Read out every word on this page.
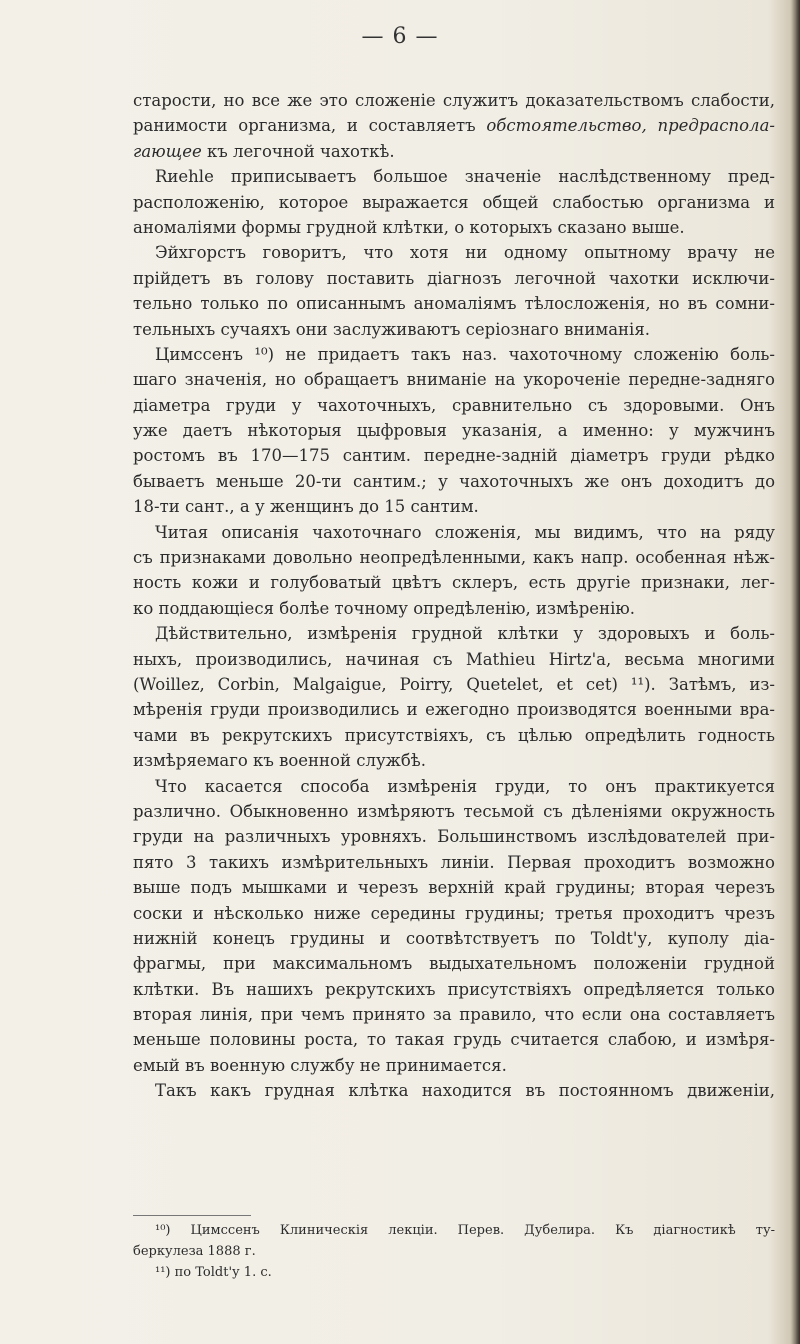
— 6 —
старости, но все же это сложеніе служитъ доказательствомъ слабости,
ранимости организма, и составляетъ обстоятельство, предраспола-
гающее къ легочной чахоткѣ.
Rиеhlе приписываетъ большое значеніе наслѣдственному пред-
расположенію, которое выражается общей слабостью организма и
аномаліями формы грудной клѣтки, о которыхъ сказано выше.
Эйхгорстъ говоритъ, что хотя ни одному опытному врачу не
прійдетъ въ голову поставить діагнозъ легочной чахотки исключи-
тельно только по описаннымъ аномаліямъ тѣлосложенія, но въ сомни-
тельныхъ сучаяхъ они заслуживаютъ серіознаго вниманія.
Цимссенъ ¹⁰) не придаетъ такъ наз. чахоточному сложенію боль-
шаго значенія, но обращаетъ вниманіе на укороченіе передне-задняго
діаметра груди у чахоточныхъ, сравнительно съ здоровыми. Онъ
уже даетъ нѣкоторыя цыфровыя указанія, а именно: у мужчинъ
ростомъ въ 170—175 сантим. передне-задній діаметръ груди рѣдко
бываетъ меньше 20-ти сантим.; у чахоточныхъ же онъ доходитъ до
18-ти сант., а у женщинъ до 15 сантим.
Читая описанія чахоточнаго сложенія, мы видимъ, что на ряду
съ признаками довольно неопредѣленными, какъ напр. особенная нѣж-
ность кожи и голубоватый цвѣтъ склеръ, есть другіе признаки, лег-
ко поддающіеся болѣе точному опредѣленію, измѣренію.
Дѣйствительно, измѣренія грудной клѣтки у здоровыхъ и боль-
ныхъ, производились, начиная съ Mathieu Hirtz'a, весьма многими
(Woillez, Corbin, Malgaigue, Poirry, Quetelet, et cet) ¹¹). Затѣмъ, из-
мѣренія груди производились и ежегодно производятся военными вра-
чами въ рекрутскихъ присутствіяхъ, съ цѣлью опредѣлить годность
измѣряемаго къ военной службѣ.
Что касается способа измѣренія груди, то онъ практикуется
различно. Обыкновенно измѣряютъ тесьмой съ дѣленіями окружность
груди на различныхъ уровняхъ. Большинствомъ изслѣдователей при-
пято 3 такихъ измѣрительныхъ линіи. Первая проходитъ возможно
выше подъ мышками и черезъ верхній край грудины; вторая черезъ
соски и нѣсколько ниже середины грудины; третья проходитъ чрезъ
нижній конецъ грудины и соотвѣтствуетъ по Toldt'у, куполу діа-
фрагмы, при максимальномъ выдыхательномъ положеніи грудной
клѣтки. Въ нашихъ рекрутскихъ присутствіяхъ опредѣляется только
вторая линія, при чемъ принято за правило, что если она составляетъ
меньше половины роста, то такая грудь считается слабою, и измѣря-
емый въ военную службу не принимается.
Такъ какъ грудная клѣтка находится въ постоянномъ движеніи,
¹⁰) Цимссенъ Клиническія лекціи. Перев. Дубелира. Къ діагностикѣ ту-
беркулеза 1888 г.
¹¹) по Toldt'у 1. с.
